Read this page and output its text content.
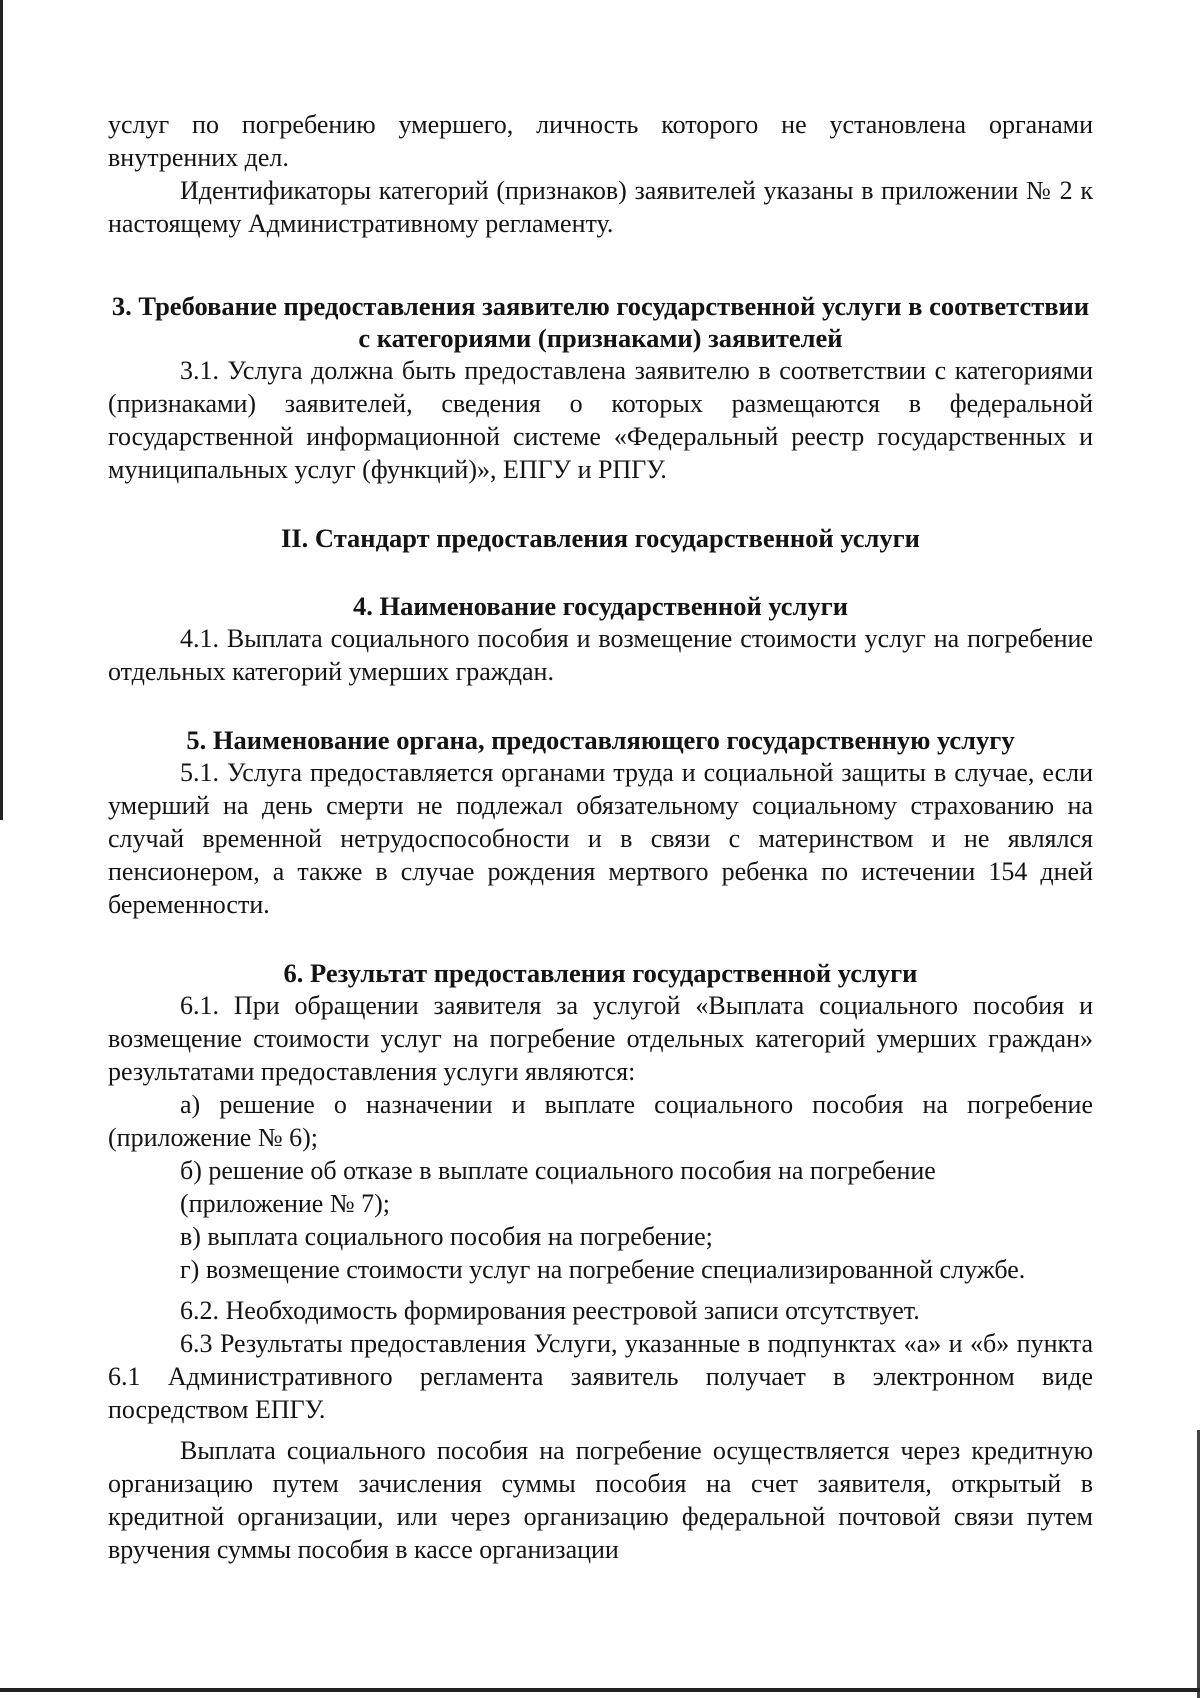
услуг по погребению умершего, личность которого не установлена органами внутренних дел.

Идентификаторы категорий (признаков) заявителей указаны в приложении № 2 к настоящему Административному регламенту.

3. Требование предоставления заявителю государственной услуги в соответствии с категориями (признаками) заявителей

3.1. Услуга должна быть предоставлена заявителю в соответствии с категориями (признаками) заявителей, сведения о которых размещаются в федеральной государственной информационной системе «Федеральный реестр государственных и муниципальных услуг (функций)», ЕПГУ и РПГУ.

II. Стандарт предоставления государственной услуги

4. Наименование государственной услуги

4.1. Выплата социального пособия и возмещение стоимости услуг на погребение отдельных категорий умерших граждан.

5. Наименование органа, предоставляющего государственную услугу

5.1. Услуга предоставляется органами труда и социальной защиты в случае, если умерший на день смерти не подлежал обязательному социальному страхованию на случай временной нетрудоспособности и в связи с материнством и не являлся пенсионером, а также в случае рождения мертвого ребенка по истечении 154 дней беременности.

6. Результат предоставления государственной услуги

6.1. При обращении заявителя за услугой «Выплата социального пособия и возмещение стоимости услуг на погребение отдельных категорий умерших граждан» результатами предоставления услуги являются:

а) решение о назначении и выплате социального пособия на погребение (приложение № 6);

б) решение об отказе в выплате социального пособия на погребение

(приложение № 7);

в) выплата социального пособия на погребение;

г) возмещение стоимости услуг на погребение специализированной службе.

6.2. Необходимость формирования реестровой записи отсутствует.

6.3 Результаты предоставления Услуги, указанные в подпунктах «а» и «б» пункта 6.1 Административного регламента заявитель получает в электронном виде посредством ЕПГУ.

Выплата социального пособия на погребение осуществляется через кредитную организацию путем зачисления суммы пособия на счет заявителя, открытый в кредитной организации, или через организацию федеральной почтовой связи путем вручения суммы пособия в кассе организации
